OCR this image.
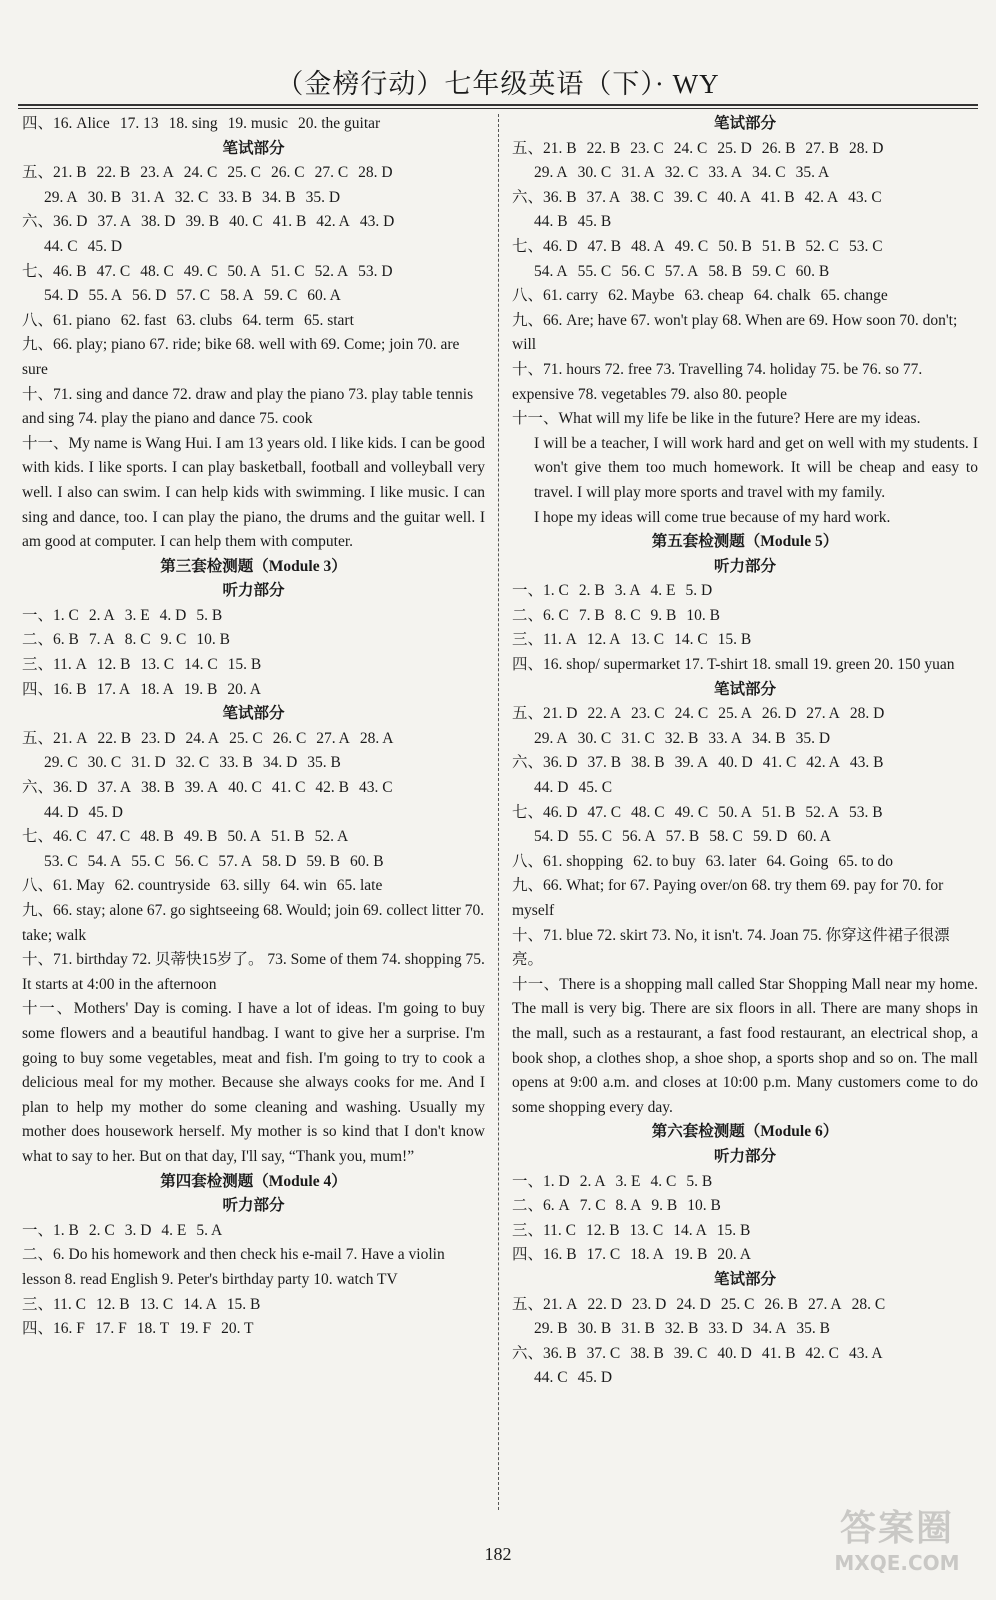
（金榜行动）七年级英语（下）· WY
四、16. Alice 17. 13 18. sing 19. music 20. the guitar
笔试部分
五、21. B 22. B 23. A 24. C 25. C 26. C 27. C 28. D
29. A 30. B 31. A 32. C 33. B 34. B 35. D
六、36. D 37. A 38. D 39. B 40. C 41. B 42. A 43. D
44. C 45. D
七、46. B 47. C 48. C 49. C 50. A 51. C 52. A 53. D
54. D 55. A 56. D 57. C 58. A 59. C 60. A
八、61. piano 62. fast 63. clubs 64. term 65. start
九、66. play; piano 67. ride; bike 68. well with 69. Come; join 70. are sure
十、71. sing and dance 72. draw and play the piano 73. play table tennis and sing 74. play the piano and dance 75. cook
十一、My name is Wang Hui. I am 13 years old. I like kids. I can be good with kids. I like sports. I can play basketball, football and volleyball very well. I also can swim. I can help kids with swimming. I like music. I can sing and dance, too. I can play the piano, the drums and the guitar well. I am good at computer. I can help them with computer.
第三套检测题（Module 3）
听力部分
一、1. C 2. A 3. E 4. D 5. B
二、6. B 7. A 8. C 9. C 10. B
三、11. A 12. B 13. C 14. C 15. B
四、16. B 17. A 18. A 19. B 20. A
笔试部分
五、21. A 22. B 23. D 24. A 25. C 26. C 27. A 28. A
29. C 30. C 31. D 32. C 33. B 34. D 35. B
六、36. D 37. A 38. B 39. A 40. C 41. C 42. B 43. C
44. D 45. D
七、46. C 47. C 48. B 49. B 50. A 51. B 52. A
53. C 54. A 55. C 56. C 57. A 58. D 59. B 60. B
八、61. May 62. countryside 63. silly 64. win 65. late
九、66. stay; alone 67. go sightseeing 68. Would; join 69. collect litter 70. take; walk
十、71. birthday 72. 贝蒂快15岁了。 73. Some of them 74. shopping 75. It starts at 4:00 in the afternoon
十一、Mothers' Day is coming. I have a lot of ideas. I'm going to buy some flowers and a beautiful handbag. I want to give her a surprise. I'm going to buy some vegetables, meat and fish. I'm going to try to cook a delicious meal for my mother. Because she always cooks for me. And I plan to help my mother do some cleaning and washing. Usually my mother does housework herself. My mother is so kind that I don't know what to say to her. But on that day, I'll say, “Thank you, mum!”
第四套检测题（Module 4）
听力部分
一、1. B 2. C 3. D 4. E 5. A
二、6. Do his homework and then check his e-mail 7. Have a violin lesson 8. read English 9. Peter's birthday party 10. watch TV
三、11. C 12. B 13. C 14. A 15. B
四、16. F 17. F 18. T 19. F 20. T
笔试部分
五、21. B 22. B 23. C 24. C 25. D 26. B 27. B 28. D
29. A 30. C 31. A 32. C 33. A 34. C 35. A
六、36. B 37. A 38. C 39. C 40. A 41. B 42. A 43. C
44. B 45. B
七、46. D 47. B 48. A 49. C 50. B 51. B 52. C 53. C
54. A 55. C 56. C 57. A 58. B 59. C 60. B
八、61. carry 62. Maybe 63. cheap 64. chalk 65. change
九、66. Are; have 67. won't play 68. When are 69. How soon 70. don't; will
十、71. hours 72. free 73. Travelling 74. holiday 75. be 76. so 77. expensive 78. vegetables 79. also 80. people
十一、What will my life be like in the future? Here are my ideas.
I will be a teacher, I will work hard and get on well with my students. I won't give them too much homework. It will be cheap and easy to travel. I will play more sports and travel with my family.
I hope my ideas will come true because of my hard work.
第五套检测题（Module 5）
听力部分
一、1. C 2. B 3. A 4. E 5. D
二、6. C 7. B 8. C 9. B 10. B
三、11. A 12. A 13. C 14. C 15. B
四、16. shop/ supermarket 17. T-shirt 18. small 19. green 20. 150 yuan
笔试部分
五、21. D 22. A 23. C 24. C 25. A 26. D 27. A 28. D
29. A 30. C 31. C 32. B 33. A 34. B 35. D
六、36. D 37. B 38. B 39. A 40. D 41. C 42. A 43. B
44. D 45. C
七、46. D 47. C 48. C 49. C 50. A 51. B 52. A 53. B
54. D 55. C 56. A 57. B 58. C 59. D 60. A
八、61. shopping 62. to buy 63. later 64. Going 65. to do
九、66. What; for 67. Paying over/on 68. try them 69. pay for 70. for myself
十、71. blue 72. skirt 73. No, it isn't. 74. Joan 75. 你穿这件裙子很漂亮。
十一、There is a shopping mall called Star Shopping Mall near my home. The mall is very big. There are six floors in all. There are many shops in the mall, such as a restaurant, a fast food restaurant, an electrical shop, a book shop, a clothes shop, a shoe shop, a sports shop and so on. The mall opens at 9:00 a.m. and closes at 10:00 p.m. Many customers come to do some shopping every day.
第六套检测题（Module 6）
听力部分
一、1. D 2. A 3. E 4. C 5. B
二、6. A 7. C 8. A 9. B 10. B
三、11. C 12. B 13. C 14. A 15. B
四、16. B 17. C 18. A 19. B 20. A
笔试部分
五、21. A 22. D 23. D 24. D 25. C 26. B 27. A 28. C
29. B 30. B 31. B 32. B 33. D 34. A 35. B
六、36. B 37. C 38. B 39. C 40. D 41. B 42. C 43. A
44. C 45. D
182
答案圈
MXQE.COM
